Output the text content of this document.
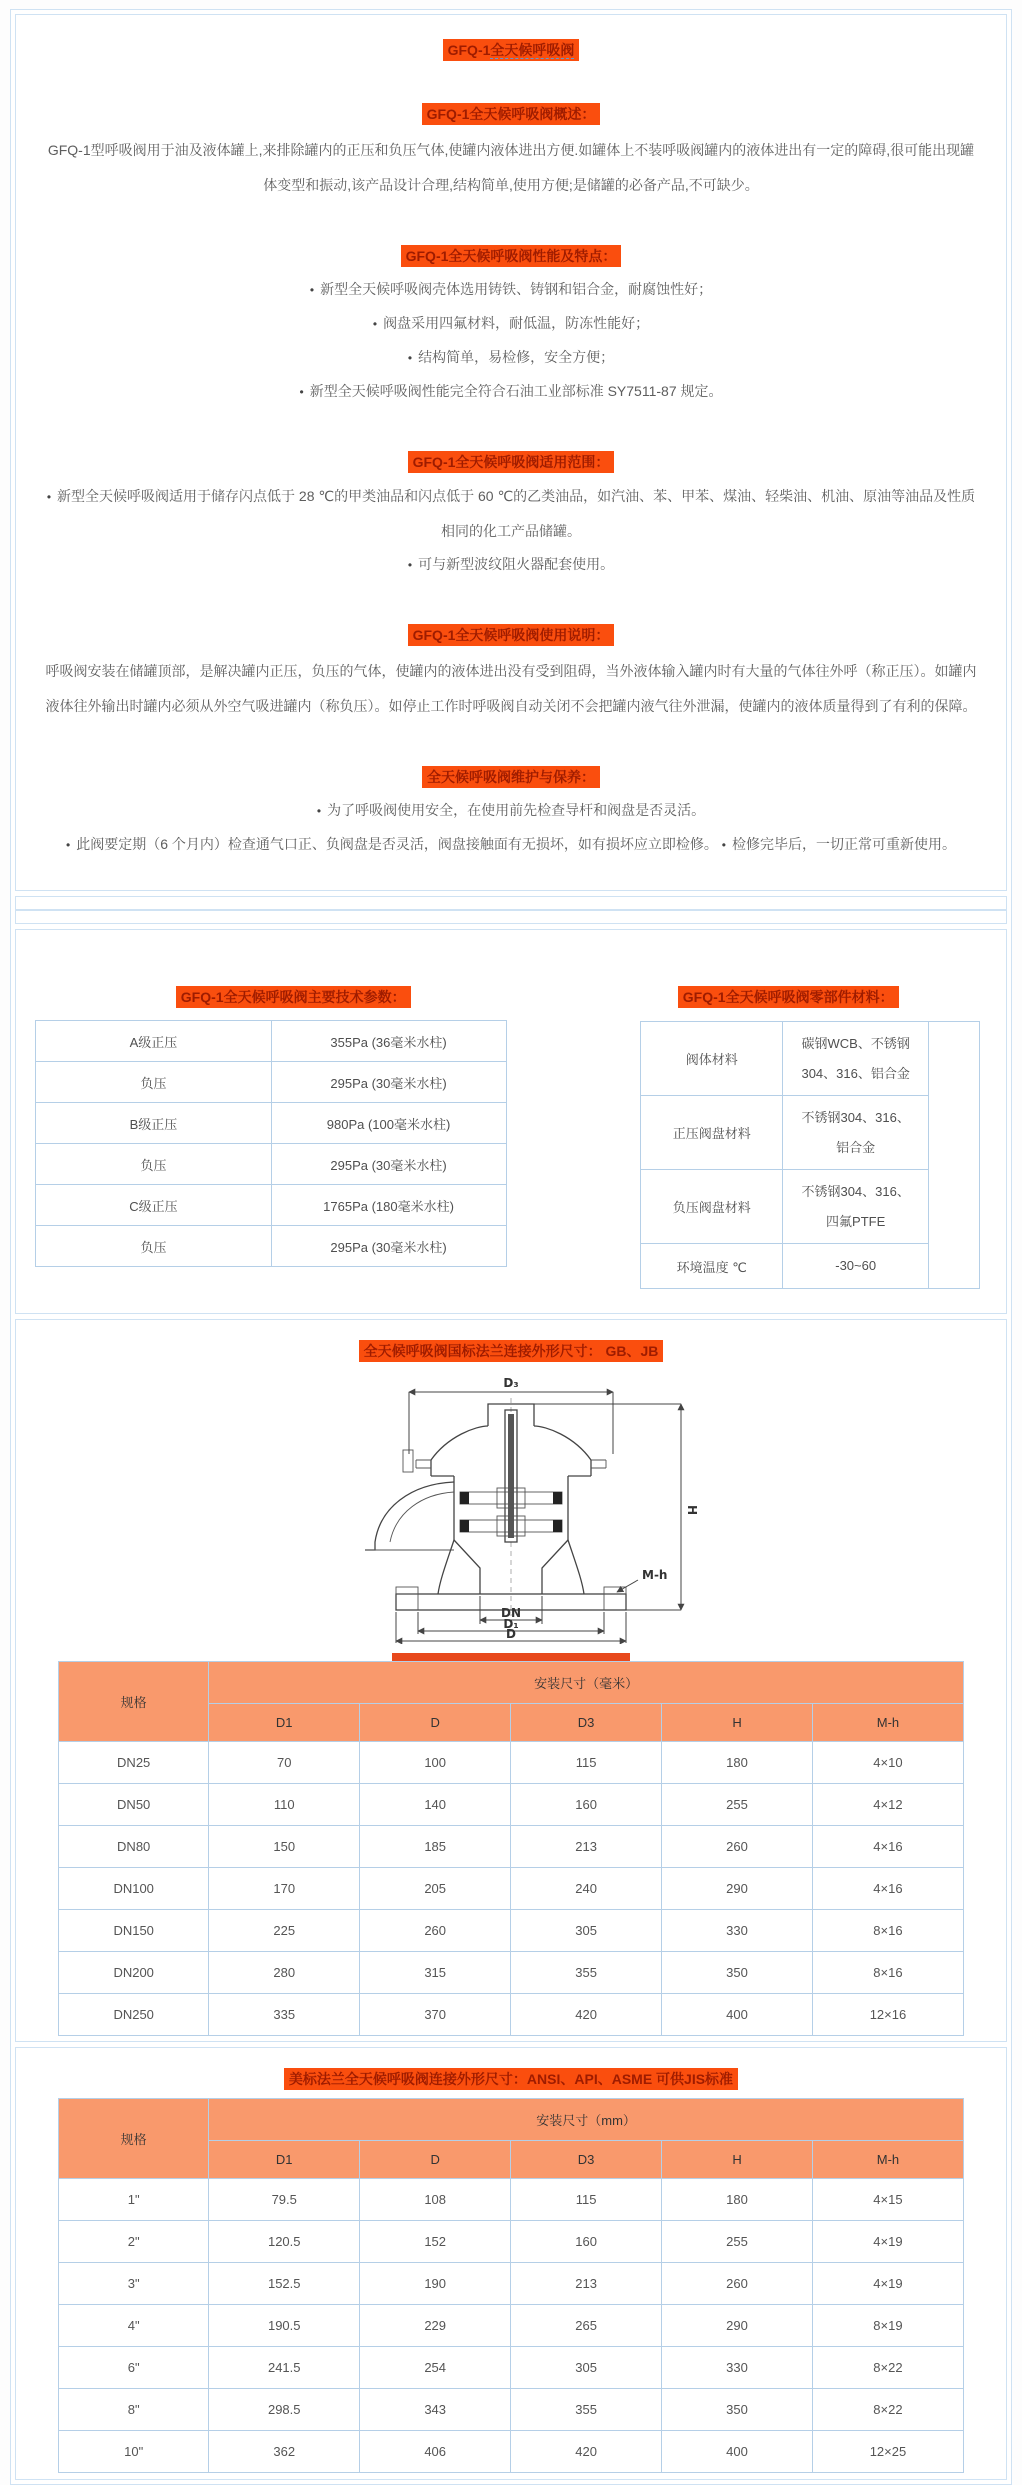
GFQ-1全天候呼吸阀
GFQ-1全天候呼吸阀概述：

GFQ-1型呼吸阀用于油及液体罐上,来排除罐内的正压和负压气体,使罐内液体进出方便.如罐体上不装呼吸阀罐内的液体进出有一定的障碍,很可能出现罐体变型和振动,该产品设计合理,结构简单,使用方便;是储罐的必备产品,不可缺少。

GFQ-1全天候呼吸阀性能及特点：

• 新型全天候呼吸阀壳体选用铸铁、铸钢和铝合金，耐腐蚀性好；

• 阀盘采用四氟材料，耐低温，防冻性能好；

• 结构简单，易检修，安全方便；

• 新型全天候呼吸阀性能完全符合石油工业部标准 SY7511-87 规定。

GFQ-1全天候呼吸阀适用范围：

• 新型全天候呼吸阀适用于储存闪点低于 28 ℃的甲类油品和闪点低于 60 ℃的乙类油品，如汽油、苯、甲苯、煤油、轻柴油、机油、原油等油品及性质相同的化工产品储罐。

• 可与新型波纹阻火器配套使用。

GFQ-1全天候呼吸阀使用说明：

呼吸阀安装在储罐顶部，是解决罐内正压，负压的气体，使罐内的液体进出没有受到阻碍，当外液体输入罐内时有大量的气体往外呼（称正压）。如罐内液体往外输出时罐内必须从外空气吸进罐内（称负压）。如停止工作时呼吸阀自动关闭不会把罐内液气往外泄漏，使罐内的液体质量得到了有利的保障。

全天候呼吸阀维护与保养：

• 为了呼吸阀使用安全，在使用前先检查导杆和阀盘是否灵活。

• 此阀要定期（6 个月内）检查通气口正、负阀盘是否灵活，阀盘接触面有无损坏，如有损坏应立即检修。 • 检修完毕后，一切正常可重新使用。

GFQ-1全天候呼吸阀主要技术参数：
A级正压	355Pa (36毫米水柱)
负压	295Pa (30毫米水柱)
B级正压	980Pa (100毫米水柱)
负压	295Pa (30毫米水柱)
C级正压	1765Pa (180毫米水柱)
负压	295Pa (30毫米水柱)
GFQ-1全天候呼吸阀零部件材料：
阀体材料	碳钢WCB、不锈钢304、316、铝合金	
正压阀盘材料	不锈钢304、316、铝合金	
负压阀盘材料	不锈钢304、316、四氟PTFE	
环境温度 ℃	-30~60	
全天候呼吸阀国标法兰连接外形尺寸： GB、JB
D₃
H
M-h
DN
D₁
D
规格	安装尺寸（毫米）				
	D1	D	D3	H	M-h
DN25	70	100	115	180	4×10
DN50	110	140	160	255	4×12
DN80	150	185	213	260	4×16
DN100	170	205	240	290	4×16
DN150	225	260	305	330	8×16
DN200	280	315	355	350	8×16
DN250	335	370	420	400	12×16
美标法兰全天候呼吸阀连接外形尺寸：ANSI、API、ASME 可供JIS标准
规格	安装尺寸（mm）				
	D1	D	D3	H	M-h
1"	79.5	108	115	180	4×15
2"	120.5	152	160	255	4×19
3"	152.5	190	213	260	4×19
4"	190.5	229	265	290	8×19
6"	241.5	254	305	330	8×22
8"	298.5	343	355	350	8×22
10"	362	406	420	400	12×25
